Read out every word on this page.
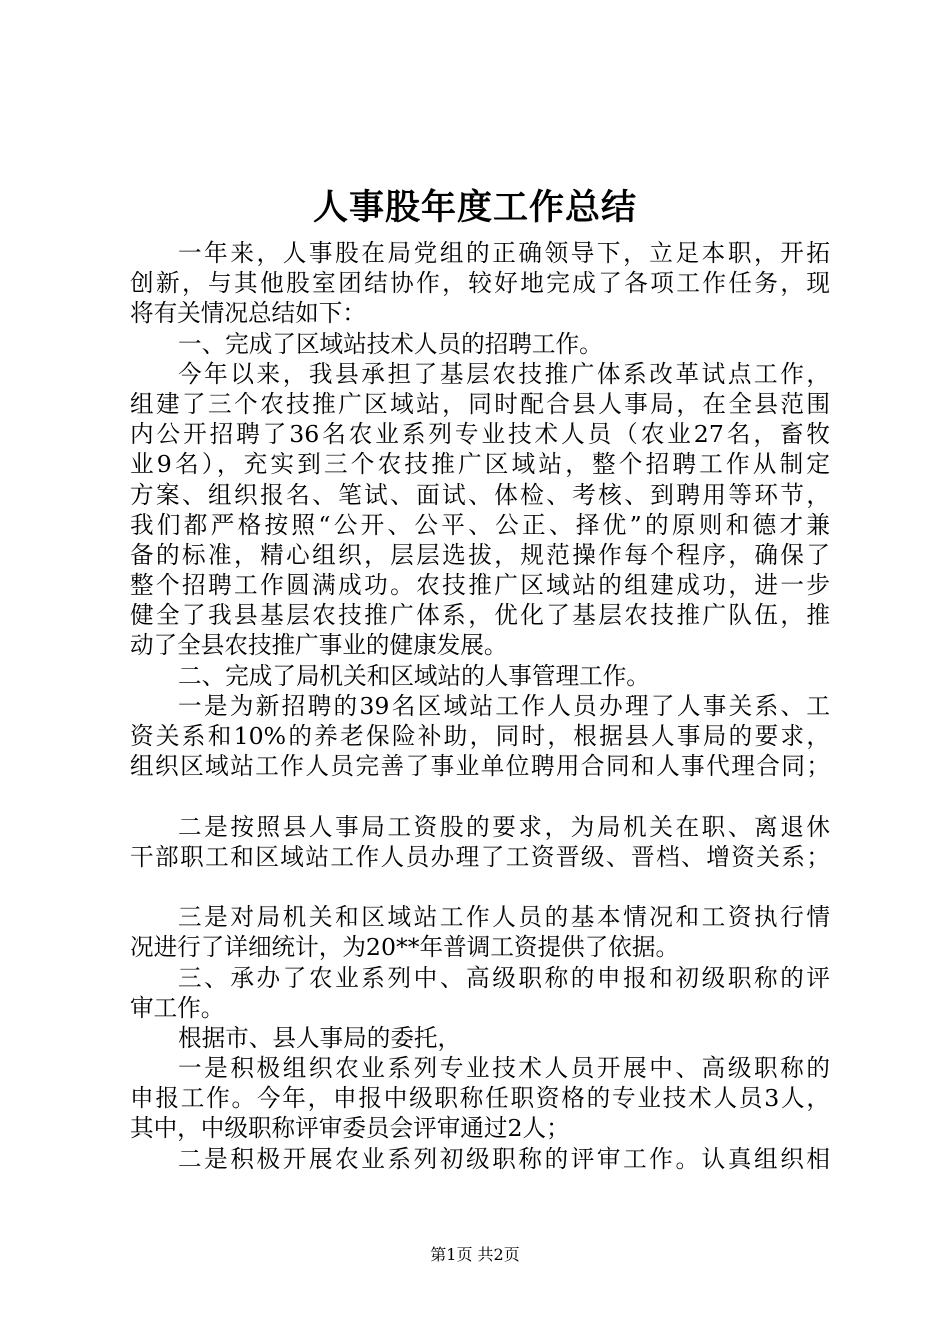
人事股年度工作总结
一年来，人事股在局党组的正确领导下，立足本职，开拓
创新，与其他股室团结协作，较好地完成了各项工作任务，现
将有关情况总结如下：
一、完成了区域站技术人员的招聘工作。
今年以来，我县承担了基层农技推广体系改革试点工作，
组建了三个农技推广区域站，同时配合县人事局，在全县范围
内公开招聘了36名农业系列专业技术人员（农业27名，畜牧
业9名），充实到三个农技推广区域站，整个招聘工作从制定
方案、组织报名、笔试、面试、体检、考核、到聘用等环节，
我们都严格按照“公开、公平、公正、择优”的原则和德才兼
备的标准，精心组织，层层选拔，规范操作每个程序，确保了
整个招聘工作圆满成功。农技推广区域站的组建成功，进一步
健全了我县基层农技推广体系，优化了基层农技推广队伍，推
动了全县农技推广事业的健康发展。
二、完成了局机关和区域站的人事管理工作。
一是为新招聘的39名区域站工作人员办理了人事关系、工
资关系和10%的养老保险补助，同时，根据县人事局的要求，
组织区域站工作人员完善了事业单位聘用合同和人事代理合同；
二是按照县人事局工资股的要求，为局机关在职、离退休
干部职工和区域站工作人员办理了工资晋级、晋档、增资关系；
三是对局机关和区域站工作人员的基本情况和工资执行情
况进行了详细统计，为20**年普调工资提供了依据。
三、承办了农业系列中、高级职称的申报和初级职称的评
审工作。
根据市、县人事局的委托，
一是积极组织农业系列专业技术人员开展中、高级职称的
申报工作。今年，申报中级职称任职资格的专业技术人员3人，
其中，中级职称评审委员会评审通过2人；
二是积极开展农业系列初级职称的评审工作。认真组织相
第1页 共2页
